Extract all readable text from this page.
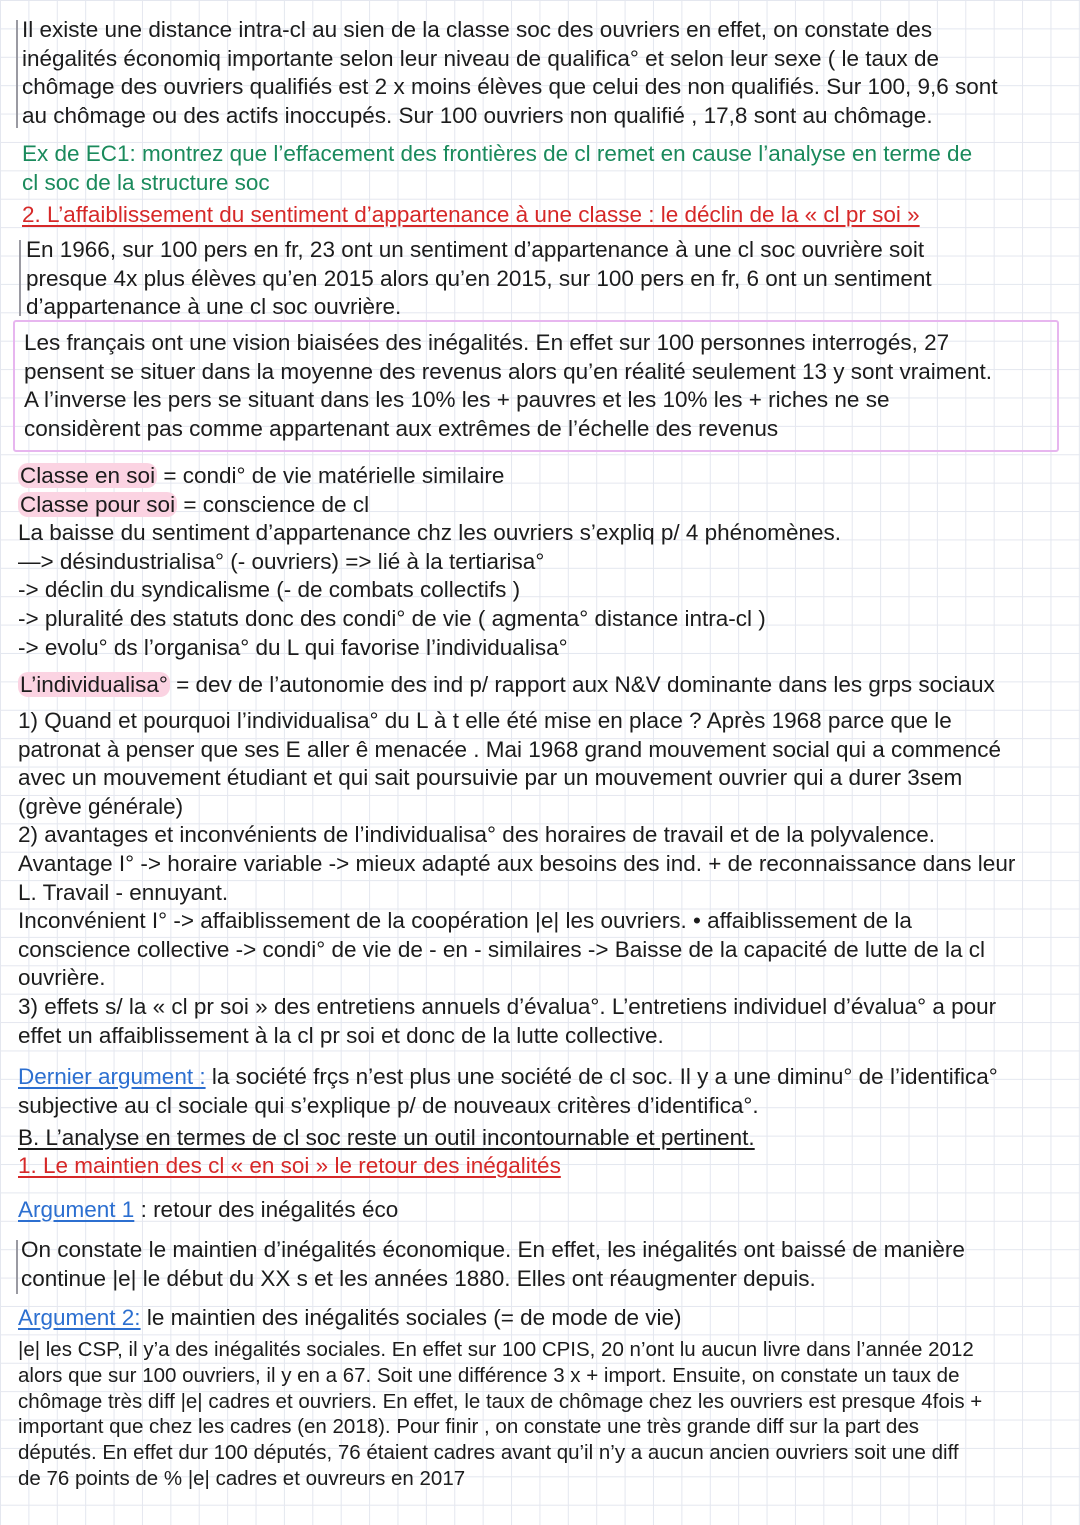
Il existe une distance intra-cl au sien de la classe soc des ouvriers en effet, on constate des
inégalités économiq importante selon leur niveau de qualifica° et selon leur sexe ( le taux de
chômage des ouvriers qualifiés est 2 x moins élèves que celui des non qualifiés. Sur 100, 9,6 sont
au chômage ou des actifs inoccupés. Sur 100 ouvriers non qualifié , 17,8 sont au chômage.
Ex de EC1: montrez que l’effacement des frontières de cl remet en cause l’analyse en terme de
cl soc de la structure soc
2. L’affaiblissement du sentiment d’appartenance à une classe : le déclin de la « cl pr soi »
En 1966, sur 100 pers en fr, 23 ont un sentiment d’appartenance à une cl soc ouvrière soit
presque 4x plus élèves qu’en 2015 alors qu’en 2015, sur 100 pers en fr, 6 ont un sentiment
d’appartenance à une cl soc ouvrière.
Les français ont une vision biaisées des inégalités. En effet sur 100 personnes interrogés, 27
pensent se situer dans la moyenne des revenus alors qu’en réalité seulement 13 y sont vraiment.
A l’inverse les pers se situant dans les 10% les + pauvres et les 10% les + riches ne se
considèrent pas comme appartenant aux extrêmes de l’échelle des revenus
Classe en soi = condi° de vie matérielle similaire
Classe pour soi = conscience de cl
La baisse du sentiment d’appartenance chz les ouvriers s’expliq p/ 4 phénomènes.
—> désindustrialisa° (- ouvriers) => lié à la tertiarisa°
-> déclin du syndicalisme (- de combats collectifs )
-> pluralité des statuts donc des condi° de vie ( agmenta° distance intra-cl )
-> evolu° ds l’organisa° du L qui favorise l’individualisa°
L’individualisa° = dev de l’autonomie des ind p/ rapport aux N&V dominante dans les grps sociaux
1) Quand et pourquoi l’individualisa° du L à t elle été mise en place ? Après 1968 parce que le
patronat à penser que ses E aller ê menacée . Mai 1968 grand mouvement social qui a commencé
avec un mouvement étudiant et qui sait poursuivie par un mouvement ouvrier qui a durer 3sem
(grève générale)
2) avantages et inconvénients de l’individualisa° des horaires de travail et de la polyvalence.
Avantage I° -> horaire variable -> mieux adapté aux besoins des ind. + de reconnaissance dans leur
L. Travail - ennuyant.
Inconvénient I° -> affaiblissement de la coopération |e| les ouvriers. • affaiblissement de la
conscience collective -> condi° de vie de - en - similaires -> Baisse de la capacité de lutte de la cl
ouvrière.
3) effets s/ la « cl pr soi » des entretiens annuels d’évalua°. L’entretiens individuel d’évalua° a pour
effet un affaiblissement à la cl pr soi et donc de la lutte collective.
Dernier argument : la société frçs n’est plus une société de cl soc. Il y a une diminu° de l’identifica°
subjective au cl sociale qui s’explique p/ de nouveaux critères d’identifica°.
B. L’analyse en termes de cl soc reste un outil incontournable et pertinent.
1. Le maintien des cl « en soi » le retour des inégalités
Argument 1 : retour des inégalités éco
On constate le maintien d’inégalités économique. En effet, les inégalités ont baissé de manière
continue |e| le début du XX s et les années 1880. Elles ont réaugmenter depuis.
Argument 2: le maintien des inégalités sociales (= de mode de vie)
|e| les CSP, il y’a des inégalités sociales. En effet sur 100 CPIS, 20 n’ont lu aucun livre dans l’année 2012
alors que sur 100 ouvriers, il y en a 67. Soit une différence 3 x + import. Ensuite, on constate un taux de
chômage très diff |e| cadres et ouvriers. En effet, le taux de chômage chez les ouvriers est presque 4fois +
important que chez les cadres (en 2018). Pour finir , on constate une très grande diff sur la part des
députés. En effet dur 100 députés, 76 étaient cadres avant qu’il n’y a aucun ancien ouvriers soit une diff
de 76 points de % |e| cadres et ouvreurs en 2017
